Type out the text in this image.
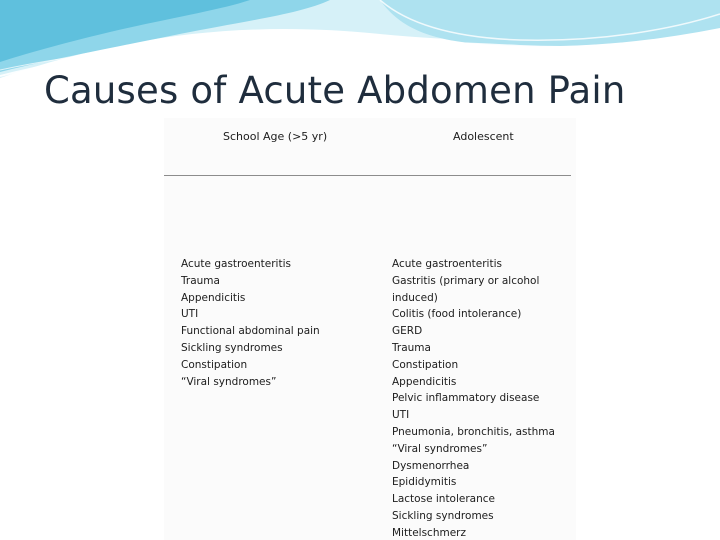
Causes of Acute Abdomen Pain
School Age (>5 yr)	Adolescent
Acute gastroenteritis
Trauma
Appendicitis
UTI
Functional abdominal pain
Sickling syndromes
Constipation
“Viral syndromes”
Acute gastroenteritis
Gastritis (primary or alcohol induced)
Colitis (food intolerance)
GERD
Trauma
Constipation
Appendicitis
Pelvic inflammatory disease
UTI
Pneumonia, bronchitis, asthma
“Viral syndromes”
Dysmenorrhea
Epididymitis
Lactose intolerance
Sickling syndromes
Mittelschmerz
